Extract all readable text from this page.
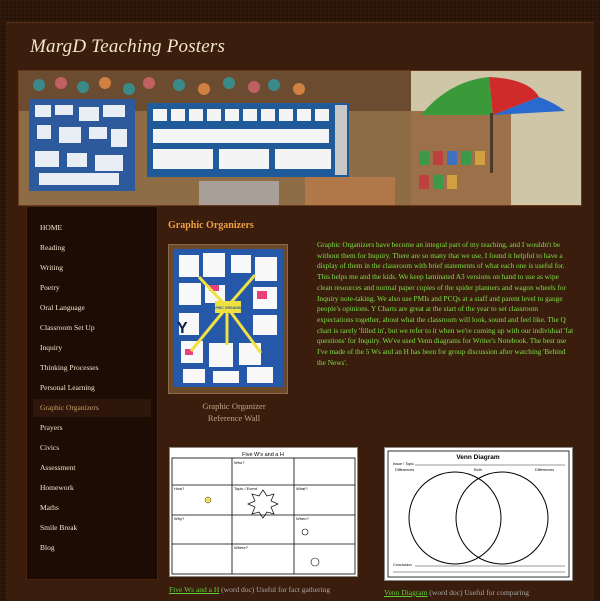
MargD Teaching Posters
HOME
Reading
Writing
Poetry
Oral Language
Classroom Set Up
Inquiry
Thinking Processes
Personal Learning
Graphic Organizers
Prayers
Civics
Assessment
Homework
Maths
Smile Break
Blog
Graphic Organizers
Y
GRAPHIC ORGANISERS
Graphic Organizer
Reference Wall
Graphic Organizers have become an integral part of my teaching, and I wouldn't be without them for Inquiry. There are so many that we use, I found it helpful to have a display of them in the classroom with brief statements of what each one is useful for. This helps me and the kids. We keep laminated A3 versions on hand to use as wipe clean resources and normal paper copies of the spider planners and wagon wheels for Inquiry note-taking. We also use PMIs and PCQs at a staff and parent level to gauge people's opinions. Y Charts are great at the start of the year to set classroom expectations together, about what the classroom will look, sound and feel like. The Q chart is rarely 'filled in', but we refer to it when we're coming up with our individual 'fat questions' for Inquiry. We've used Venn diagrams for Writer's Notebook. The best use I've made of the 5 Ws and an H has been for group discussion after watching 'Behind the News'.
Five W's and a H
Who?
How?	Topic / Event	What?
Why?	When?
Where?
Five Ws and a H (word doc) Useful for fact gathering
Venn Diagram
Issue / Topic
Differences	Both	Differences
Conclusion
Venn Diagram (word doc) Useful for comparing
